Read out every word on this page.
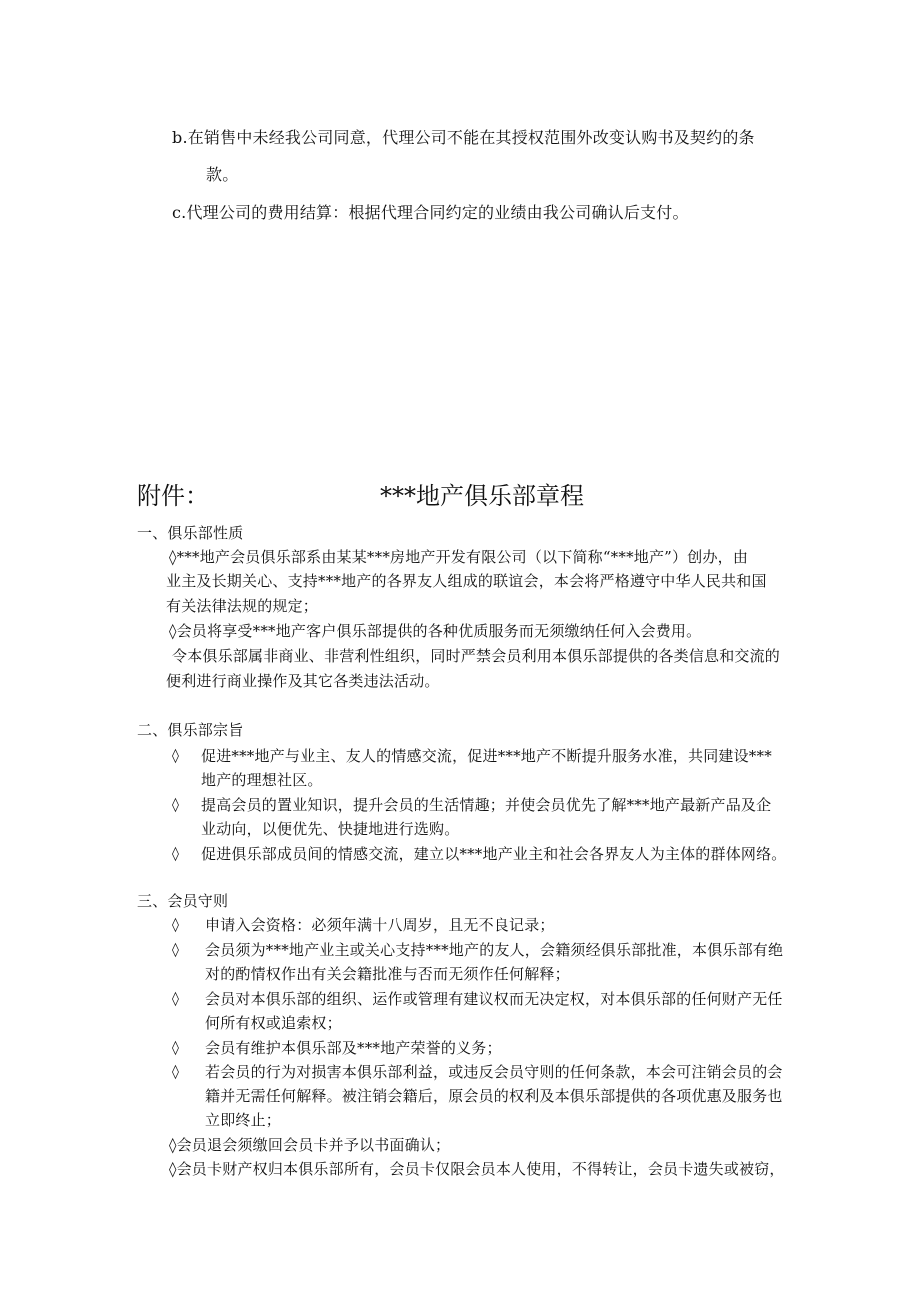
b.在销售中未经我公司同意，代理公司不能在其授权范围外改变认购书及契约的条
款。
c.代理公司的费用结算：根据代理合同约定的业绩由我公司确认后支付。
附件：	***地产俱乐部章程
一、俱乐部性质
◊***地产会员俱乐部系由某某***房地产开发有限公司（以下简称“***地产”）创办，由
业主及长期关心、支持***地产的各界友人组成的联谊会，本会将严格遵守中华人民共和国
有关法律法规的规定；
◊会员将享受***地产客户俱乐部提供的各种优质服务而无须缴纳任何入会费用。
令本俱乐部属非商业、非营利性组织，同时严禁会员利用本俱乐部提供的各类信息和交流的
便利进行商业操作及其它各类违法活动。
二、俱乐部宗旨
◊ 促进***地产与业主、友人的情感交流，促进***地产不断提升服务水准，共同建设***
地产的理想社区。
◊ 提高会员的置业知识，提升会员的生活情趣；并使会员优先了解***地产最新产品及企
业动向，以便优先、快捷地进行选购。
◊ 促进俱乐部成员间的情感交流，建立以***地产业主和社会各界友人为主体的群体网络。
三、会员守则
◊ 申请入会资格：必须年满十八周岁，且无不良记录；
◊ 会员须为***地产业主或关心支持***地产的友人，会籍须经俱乐部批准，本俱乐部有绝
对的酌情权作出有关会籍批准与否而无须作任何解释；
◊ 会员对本俱乐部的组织、运作或管理有建议权而无决定权，对本俱乐部的任何财产无任
何所有权或追索权；
◊ 会员有维护本俱乐部及***地产荣誉的义务；
◊ 若会员的行为对损害本俱乐部利益，或违反会员守则的任何条款，本会可注销会员的会
籍并无需任何解释。被注销会籍后，原会员的权利及本俱乐部提供的各项优惠及服务也
立即终止；
◊会员退会须缴回会员卡并予以书面确认；
◊会员卡财产权归本俱乐部所有，会员卡仅限会员本人使用，不得转让，会员卡遗失或被窃，
